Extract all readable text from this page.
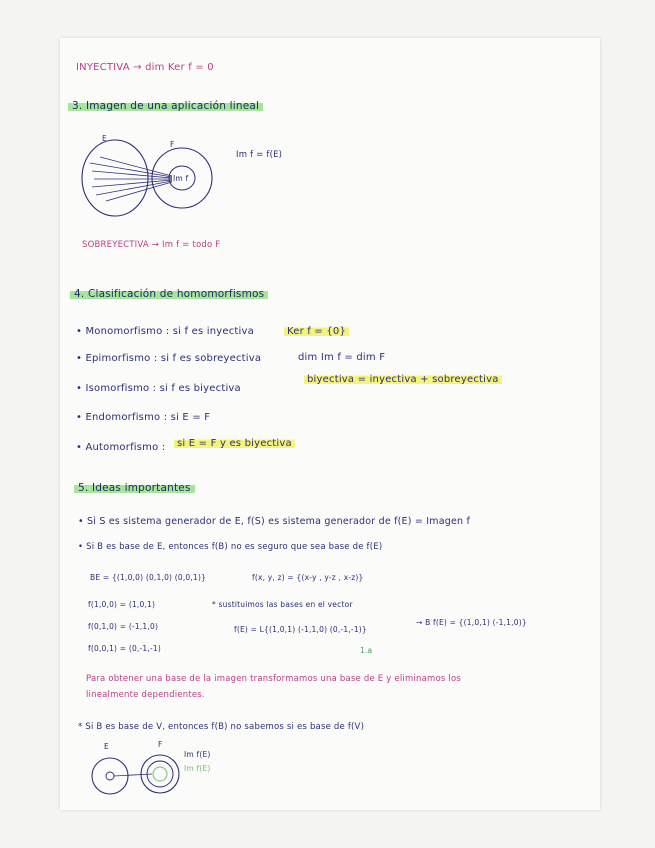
INYECTIVA → dim Ker f = 0
3. Imagen de una aplicación lineal
E
F
Im f
Im f = f(E)
SOBREYECTIVA → Im f = todo F
4. Clasificación de homomorfismos
• Monomorfismo : si f es inyectiva	Ker f = {0}
• Epimorfismo : si f es sobreyectiva	dim Im f = dim F
• Isomorfismo : si f es biyectiva
biyectiva = inyectiva + sobreyectiva
• Endomorfismo : si E = F
• Automorfismo :	si E = F y es biyectiva
5. Ideas importantes
• Si S es sistema generador de E, f(S) es sistema generador de f(E) = Imagen f
• Si B es base de E, entonces f(B) no es seguro que sea base de f(E)
BE = {(1,0,0) (0,1,0) (0,0,1)}	f(x, y, z) = {(x-y , y-z , x-z)}
f(1,0,0) = (1,0,1)
f(0,1,0) = (-1,1,0)
f(0,0,1) = (0,-1,-1)
* sustituimos las bases en el vector
f(E) = L{(1,0,1) (-1,1,0) (0,-1,-1)}
→ B f(E) = {(1,0,1) (-1,1,0)}
1.a
Para obtener una base de la imagen transformamos una base de E y eliminamos los
linealmente dependientes.
* Si B es base de V, entonces f(B) no sabemos si es base de f(V)
E	F
Im f(E)
Im f(E)
